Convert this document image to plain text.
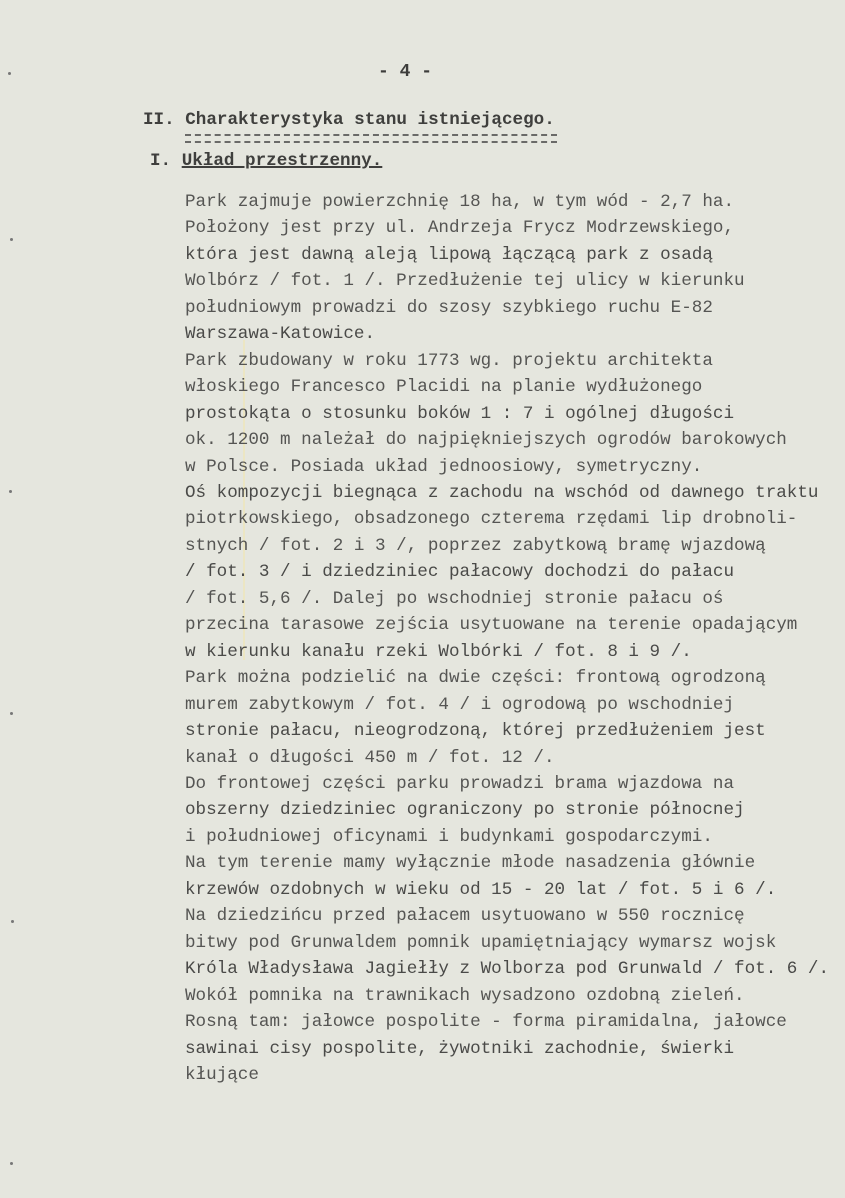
- 4 -
II. Charakterystyka stanu istniejącego.
I. Układ przestrzenny.
Park zajmuje powierzchnię 18 ha, w tym wód - 2,7 ha.
Położony jest przy ul. Andrzeja Frycz Modrzewskiego,
która jest dawną aleją lipową łączącą park z osadą
Wolbórz / fot. 1 /. Przedłużenie tej ulicy w kierunku
południowym prowadzi do szosy szybkiego ruchu E-82
Warszawa-Katowice.
Park zbudowany w roku 1773 wg. projektu architekta
włoskiego Francesco Placidi na planie wydłużonego
prostokąta o stosunku boków 1 : 7 i ogólnej długości
ok. 1200 m należał do najpiękniejszych ogrodów barokowych
w Polsce. Posiada układ jednoosiowy, symetryczny.
Oś kompozycji biegnąca z zachodu na wschód od dawnego traktu
piotrkowskiego, obsadzonego czterema rzędami lip drobnoli-
stnych / fot. 2 i 3 /, poprzez zabytkową bramę wjazdową
/ fot. 3 / i dziedziniec pałacowy dochodzi do pałacu
/ fot. 5,6 /. Dalej po wschodniej stronie pałacu oś
przecina tarasowe zejścia usytuowane na terenie opadającym
w kierunku kanału rzeki Wolbórki / fot. 8 i 9 /.
Park można podzielić na dwie części: frontową ogrodzoną
murem zabytkowym / fot. 4 / i ogrodową po wschodniej
stronie pałacu, nieogrodzoną, której przedłużeniem jest
kanał o długości 450 m / fot. 12 /.
Do frontowej części parku prowadzi brama wjazdowa na
obszerny dziedziniec ograniczony po stronie północnej
i południowej oficynami i budynkami gospodarczymi.
Na tym terenie mamy wyłącznie młode nasadzenia głównie
krzewów ozdobnych w wieku od 15 - 20 lat / fot. 5 i 6 /.
Na dziedzińcu przed pałacem usytuowano w 550 rocznicę
bitwy pod Grunwaldem pomnik upamiętniający wymarsz wojsk
Króla Władysława Jagiełły z Wolborza pod Grunwald / fot. 6 /.
Wokół pomnika na trawnikach wysadzono ozdobną zieleń.
Rosną tam: jałowce pospolite - forma piramidalna, jałowce
sawinai cisy pospolite, żywotniki zachodnie, świerki
kłujące
